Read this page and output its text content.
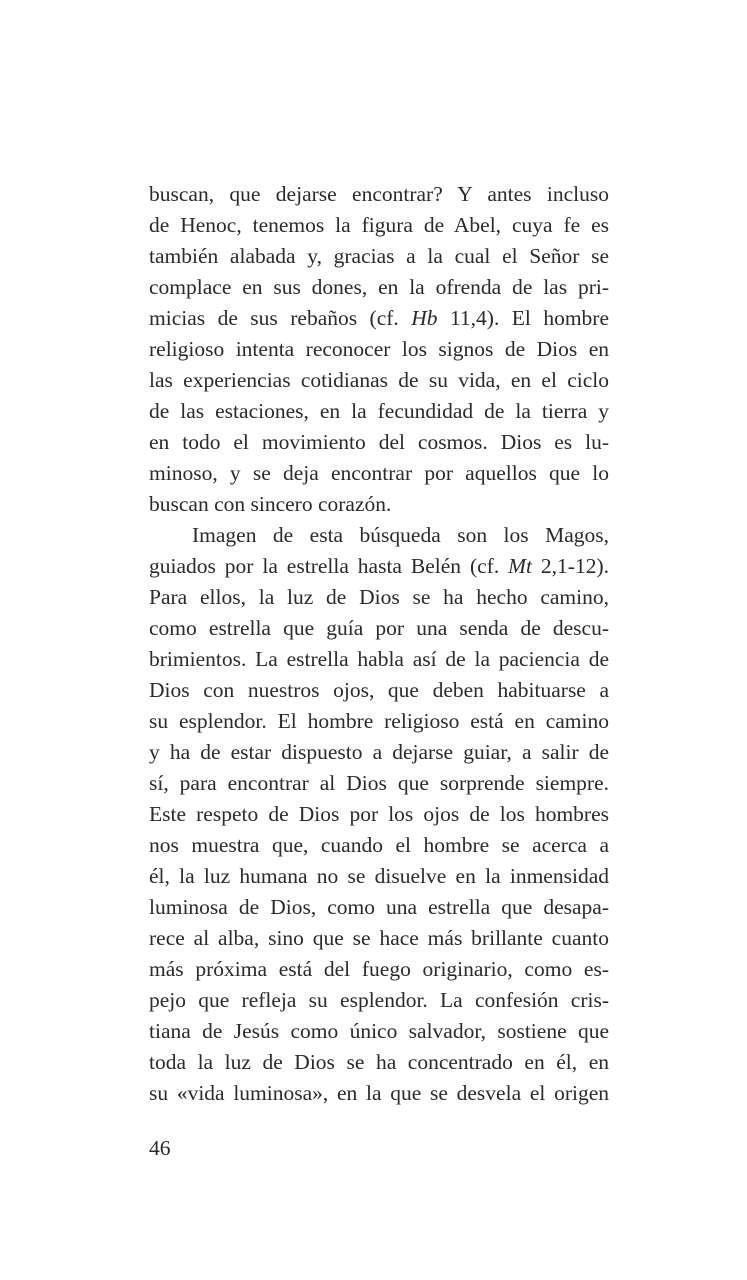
buscan, que dejarse encontrar? Y antes incluso
de Henoc, tenemos la figura de Abel, cuya fe es
también alabada y, gracias a la cual el Señor se
complace en sus dones, en la ofrenda de las pri-
micias de sus rebaños (cf. Hb 11,4). El hombre
religioso intenta reconocer los signos de Dios en
las experiencias cotidianas de su vida, en el ciclo
de las estaciones, en la fecundidad de la tierra y
en todo el movimiento del cosmos. Dios es lu-
minoso, y se deja encontrar por aquellos que lo
buscan con sincero corazón.
Imagen de esta búsqueda son los Magos,
guiados por la estrella hasta Belén (cf. Mt 2,1-12).
Para ellos, la luz de Dios se ha hecho camino,
como estrella que guía por una senda de descu-
brimientos. La estrella habla así de la paciencia de
Dios con nuestros ojos, que deben habituarse a
su esplendor. El hombre religioso está en camino
y ha de estar dispuesto a dejarse guiar, a salir de
sí, para encontrar al Dios que sorprende siempre.
Este respeto de Dios por los ojos de los hombres
nos muestra que, cuando el hombre se acerca a
él, la luz humana no se disuelve en la inmensidad
luminosa de Dios, como una estrella que desapa-
rece al alba, sino que se hace más brillante cuanto
más próxima está del fuego originario, como es-
pejo que refleja su esplendor. La confesión cris-
tiana de Jesús como único salvador, sostiene que
toda la luz de Dios se ha concentrado en él, en
su «vida luminosa», en la que se desvela el origen
46
